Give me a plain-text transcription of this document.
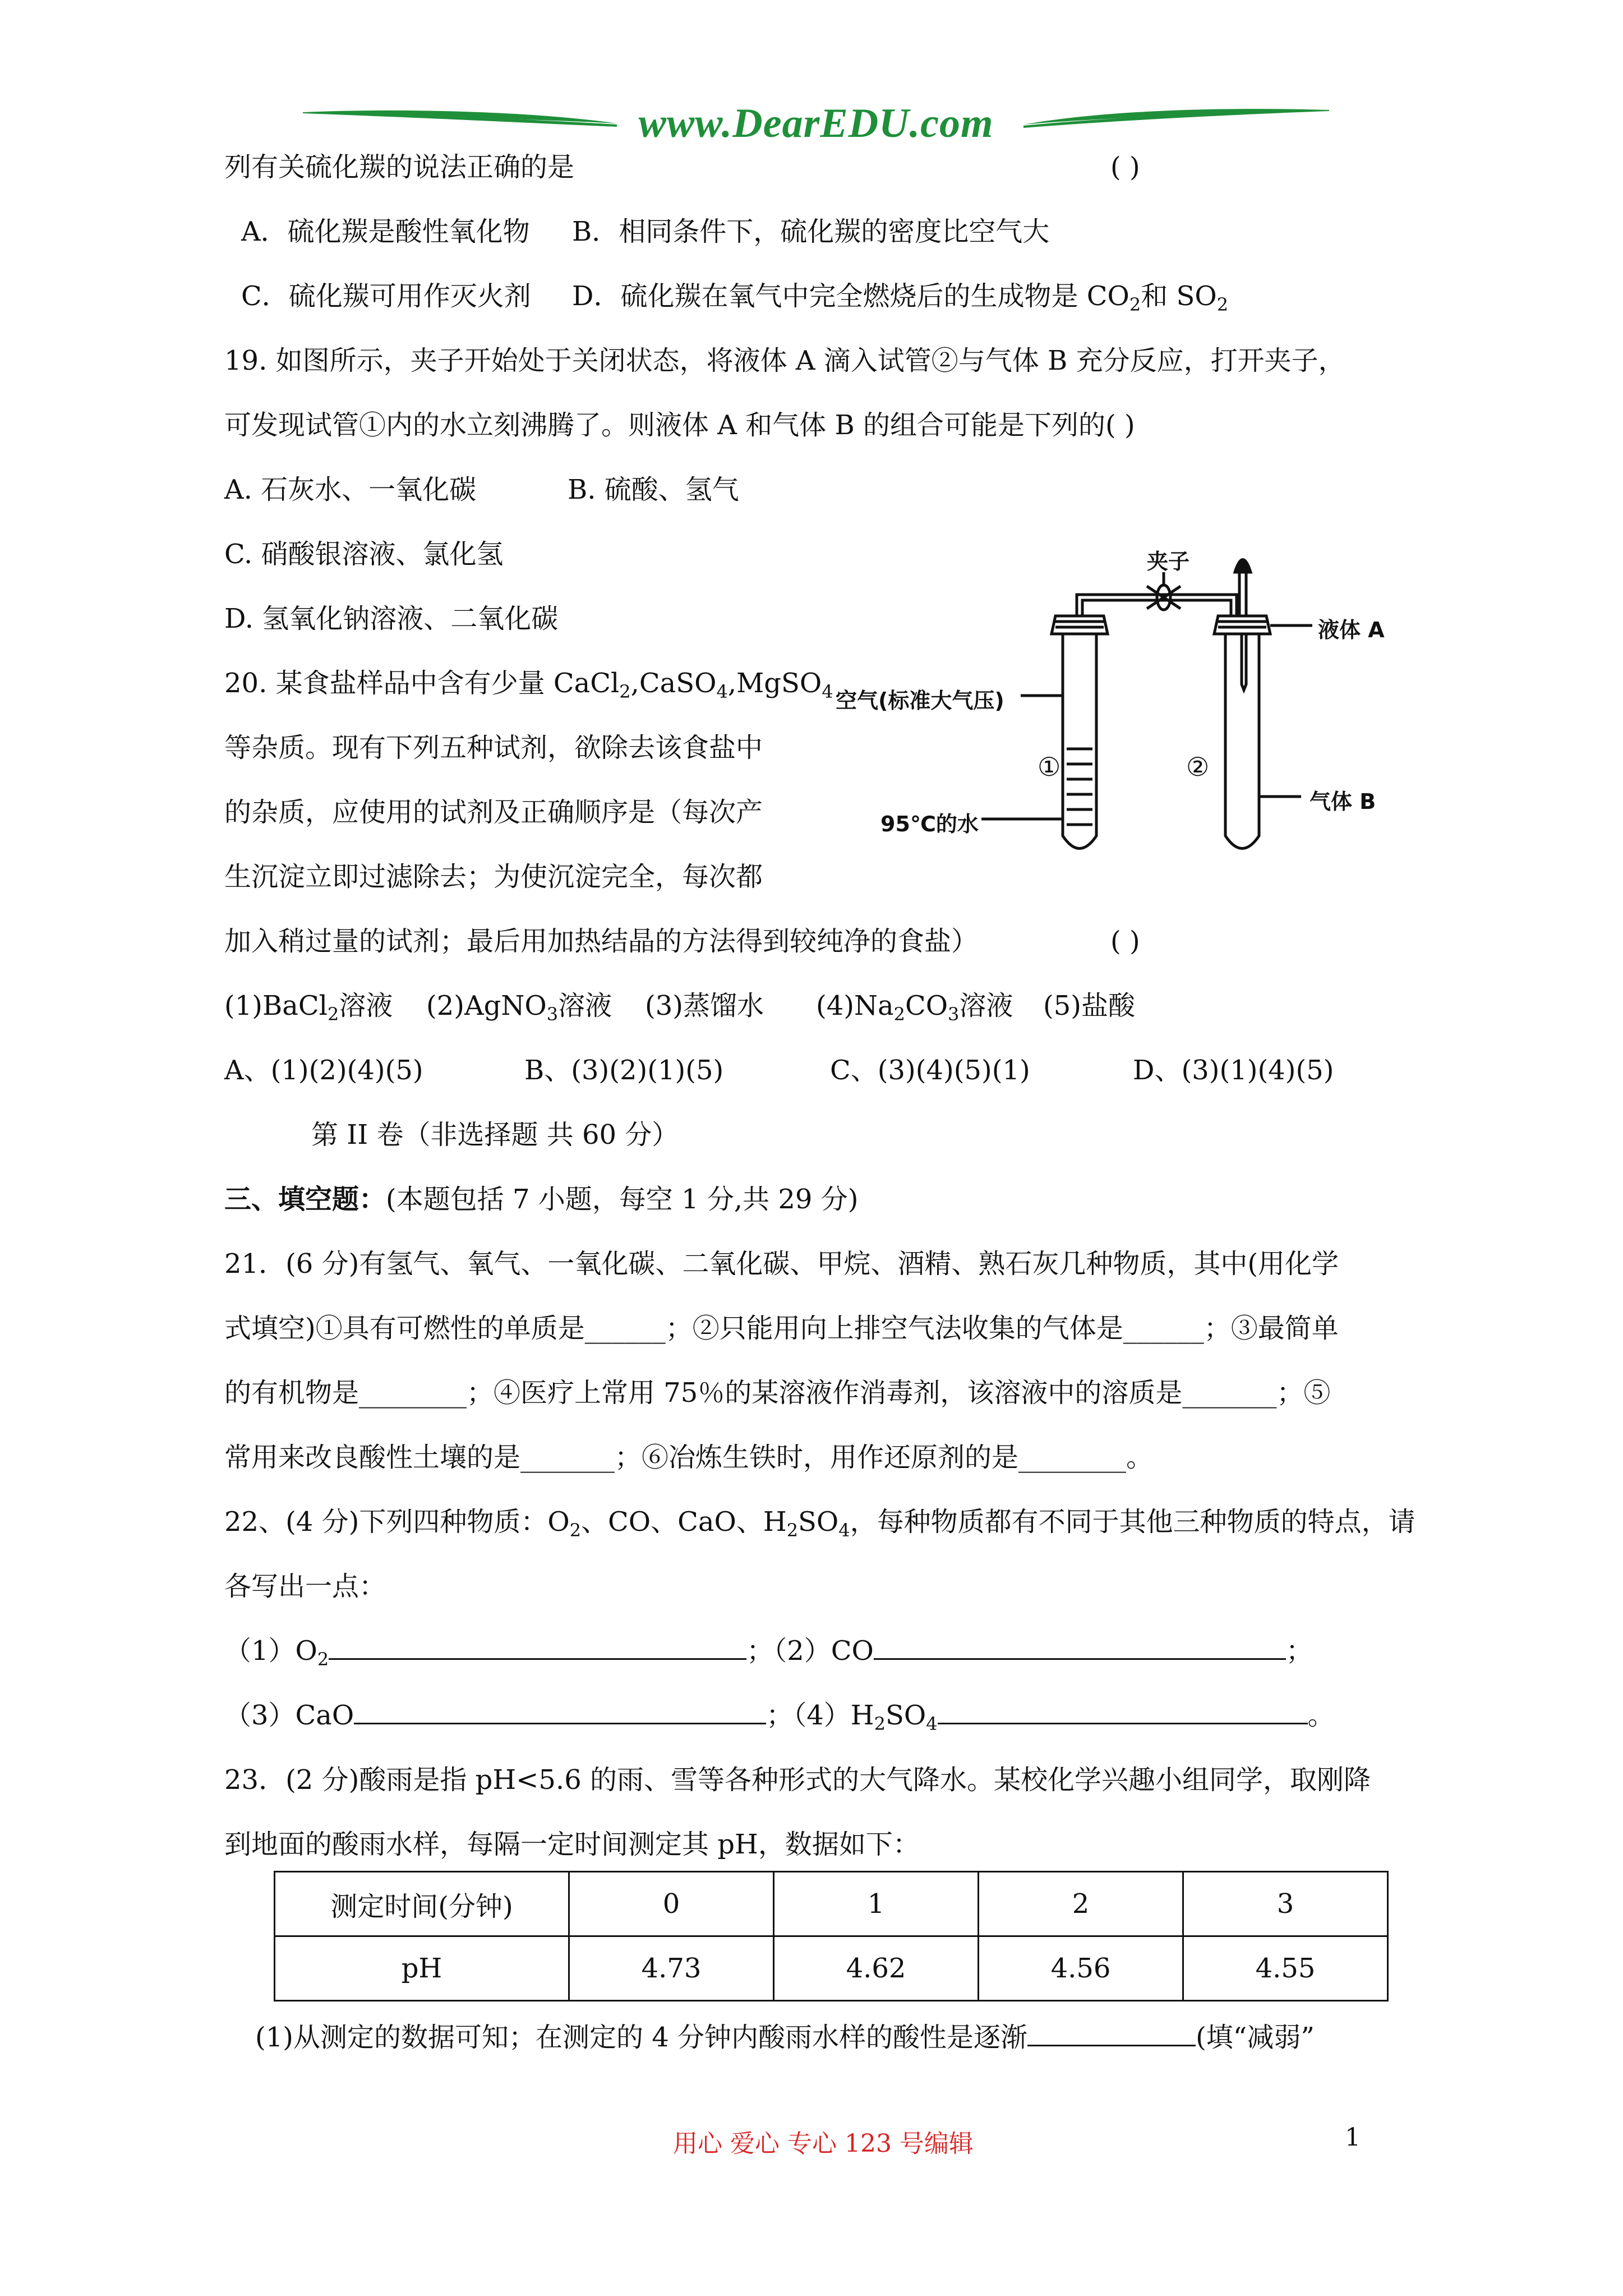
www.DearEDU.com
列有关硫化羰的说法正确的是	( )
A．硫化羰是酸性氧化物 B．相同条件下，硫化羰的密度比空气大
C．硫化羰可用作灭火剂 D．硫化羰在氧气中完全燃烧后的生成物是 $CO_2$和 $SO_2$
19. 如图所示，夹子开始处于关闭状态，将液体 A 滴入试管②与气体 B 充分反应，打开夹子，
可发现试管①内的水立刻沸腾了。则液体 A 和气体 B 的组合可能是下列的( )
A. 石灰水、一氧化碳	B. 硫酸、氢气
C. 硝酸银溶液、氯化氢
D. 氢氧化钠溶液、二氧化碳
夹子
液体 A
空气(标准大气压)
①	②
气体 B
95℃的水
20. 某食盐样品中含有少量 CaCl$_2$,CaSO$_4$,MgSO$_4$
等杂质。现有下列五种试剂，欲除去该食盐中
的杂质，应使用的试剂及正确顺序是（每次产
生沉淀立即过滤除去；为使沉淀完全，每次都
加入稍过量的试剂；最后用加热结晶的方法得到较纯净的食盐）	( )
(1)BaCl$_2$溶液 (2)AgNO$_3$溶液 (3)蒸馏水 $(4)Na_2CO_3$溶液 (5)盐酸
A、(1)(2)(4)(5)	B、(3)(2)(1)(5)	C、(3)(4)(5)(1)	D、(3)(1)(4)(5)
第 II 卷（非选择题 共 60 分）
三、填空题：(本题包括 7 小题，每空 1 分,共 29 分)
21．(6 分)有氢气、氧气、一氧化碳、二氧化碳、甲烷、酒精、熟石灰几种物质，其中(用化学
式填空)①具有可燃性的单质是______；②只能用向上排空气法收集的气体是______；③最简单
的有机物是________；④医疗上常用 75％的某溶液作消毒剂，该溶液中的溶质是_______；⑤
常用来改良酸性土壤的是_______；⑥冶炼生铁时，用作还原剂的是________。
22、(4 分)下列四种物质：$O_2$、CO、CaO、$H_2SO_4$，每种物质都有不同于其他三种物质的特点，请
各写出一点：
$(1)O_2$	；（2）CO	；
（3）CaO	；$(4)H_2SO_4$	。
23．(2 分)酸雨是指 pH<5.6 的雨、雪等各种形式的大气降水。某校化学兴趣小组同学，取刚降
到地面的酸雨水样，每隔一定时间测定其 pH，数据如下：
测定时间(分钟)	0	1	2	3
pH	4.73	4.62	4.56	4.55
(1)从测定的数据可知；在测定的 4 分钟内酸雨水样的酸性是逐渐	(填“减弱”
用心 爱心 专心 123 号编辑	1
